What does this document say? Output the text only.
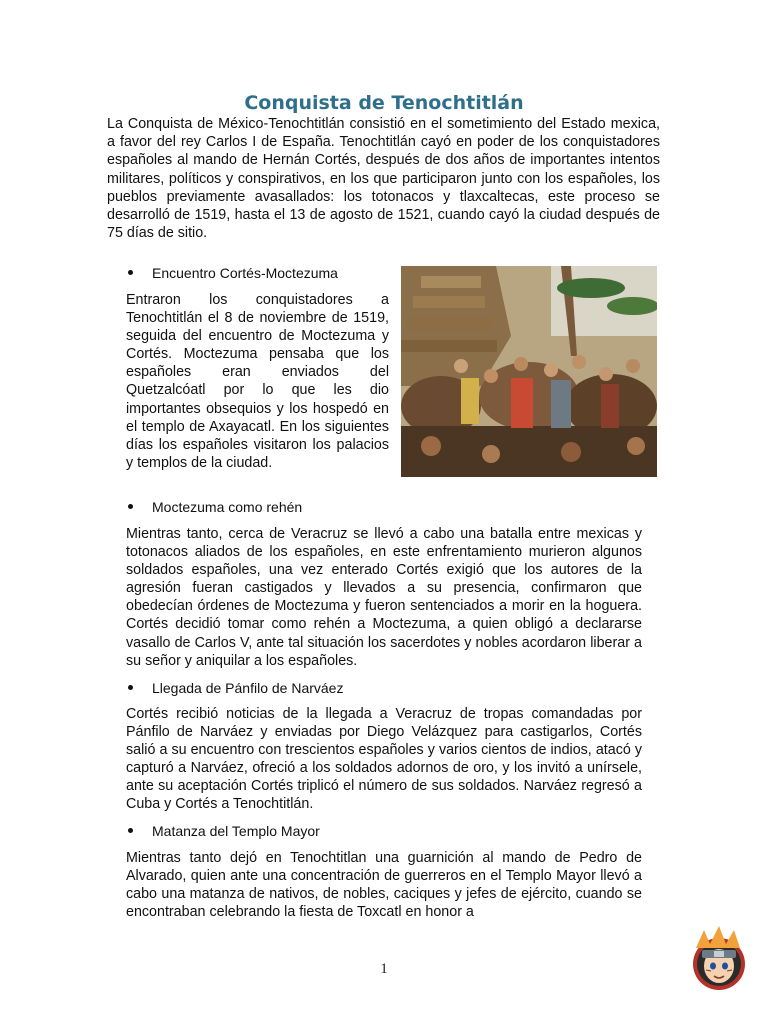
Conquista de Tenochtitlán

La Conquista de México-Tenochtitlán consistió en el sometimiento del Estado mexica, a favor del rey Carlos I de España. Tenochtitlán cayó en poder de los conquistadores españoles al mando de Hernán Cortés, después de dos años de importantes intentos militares, políticos y conspirativos, en los que participaron junto con los españoles, los pueblos previamente avasallados: los totonacos y tlaxcaltecas, este proceso se desarrolló de 1519, hasta el 13 de agosto de 1521, cuando cayó la ciudad después de 75 días de sitio.

Encuentro Cortés-Moctezuma

Entraron los conquistadores a Tenochtitlán el 8 de noviembre de 1519, seguida del encuentro de Moctezuma y Cortés. Moctezuma pensaba que los españoles eran enviados del Quetzalcóatl por lo que les dio importantes obsequios y los hospedó en el templo de Axayacatl. En los siguientes días los españoles visitaron los palacios y templos de la ciudad.

Moctezuma como rehén

Mientras tanto, cerca de Veracruz se llevó a cabo una batalla entre mexicas y totonacos aliados de los españoles, en este enfrentamiento murieron algunos soldados españoles, una vez enterado Cortés exigió que los autores de la agresión fueran castigados y llevados a su presencia, confirmaron que obedecían órdenes de Moctezuma y fueron sentenciados a morir en la hoguera. Cortés decidió tomar como rehén a Moctezuma, a quien obligó a declararse vasallo de Carlos V, ante tal situación los sacerdotes y nobles acordaron liberar a su señor y aniquilar a los españoles.

Llegada de Pánfilo de Narváez

Cortés recibió noticias de la llegada a Veracruz de tropas comandadas por Pánfilo de Narváez y enviadas por Diego Velázquez para castigarlos, Cortés salió a su encuentro con trescientos españoles y varios cientos de indios, atacó y capturó a Narváez, ofreció a los soldados adornos de oro, y los invitó a unírsele, ante su aceptación Cortés triplicó el número de sus soldados. Narváez regresó a Cuba y Cortés a Tenochtitlán.

Matanza del Templo Mayor

Mientras tanto dejó en Tenochtitlan una guarnición al mando de Pedro de Alvarado, quien ante una concentración de guerreros en el Templo Mayor llevó a cabo una matanza de nativos, de nobles, caciques y jefes de ejército, cuando se encontraban celebrando la fiesta de Toxcatl en honor a

1
